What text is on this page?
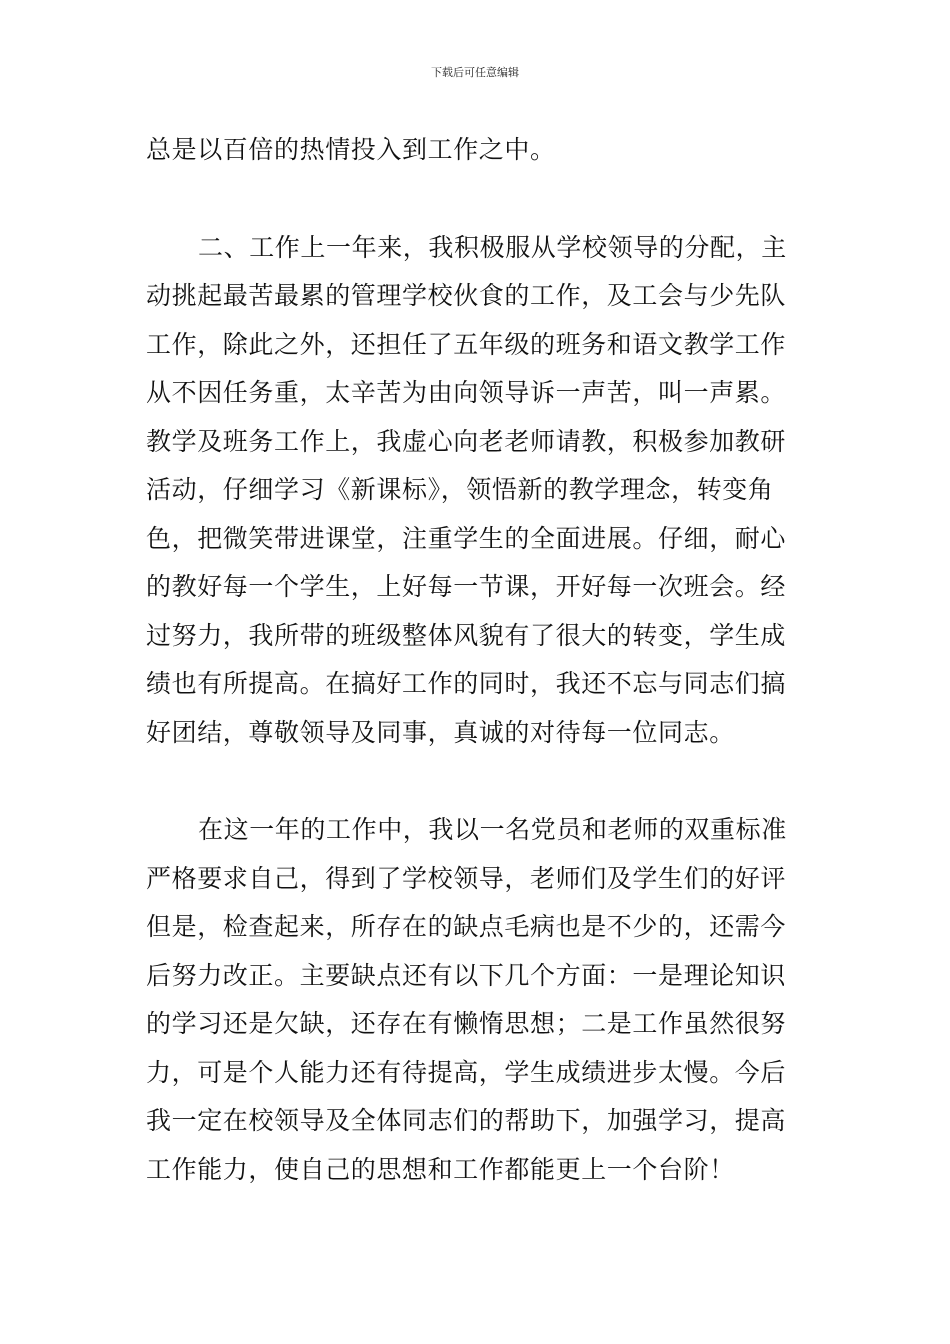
下载后可任意编辑

总是以百倍的热情投入到工作之中。

二、工作上一年来，我积极服从学校领导的分配，主动挑起最苦最累的管理学校伙食的工作，及工会与少先队工作，除此之外，还担任了五年级的班务和语文教学工作从不因任务重，太辛苦为由向领导诉一声苦，叫一声累。教学及班务工作上，我虚心向老老师请教，积极参加教研活动，仔细学习《新课标》，领悟新的教学理念，转变角色，把微笑带进课堂，注重学生的全面进展。仔细，耐心的教好每一个学生，上好每一节课，开好每一次班会。经过努力，我所带的班级整体风貌有了很大的转变，学生成绩也有所提高。在搞好工作的同时，我还不忘与同志们搞好团结，尊敬领导及同事，真诚的对待每一位同志。

在这一年的工作中，我以一名党员和老师的双重标准严格要求自己，得到了学校领导，老师们及学生们的好评但是，检查起来，所存在的缺点毛病也是不少的，还需今后努力改正。主要缺点还有以下几个方面：一是理论知识的学习还是欠缺，还存在有懒惰思想；二是工作虽然很努力，可是个人能力还有待提高，学生成绩进步太慢。今后我一定在校领导及全体同志们的帮助下，加强学习，提高工作能力，使自己的思想和工作都能更上一个台阶！
